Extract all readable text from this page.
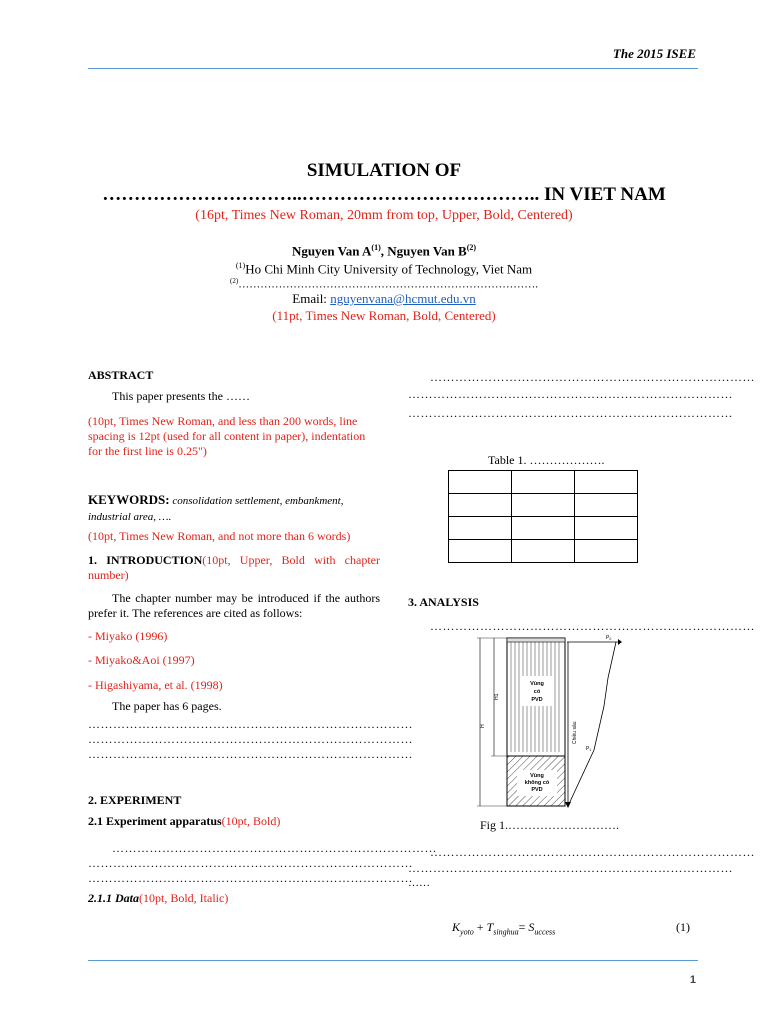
The 2015 ISEE
SIMULATION OF
…………………………..……………………………….. IN VIET NAM
(16pt, Times New Roman, 20mm from top, Upper, Bold, Centered)
Nguyen Van $A^{(1)}$, Nguyen Van $B^{(2)}$
$^{(1)}$Ho Chi Minh City University of Technology, Viet Nam
$^{(2)}$……………………………………………………………………….
Email: nguyenvana@hcmut.edu.vn
(11pt, Times New Roman, Bold, Centered)
ABSTRACT
This paper presents the ……
(10pt, Times New Roman, and less than 200 words, line spacing is 12pt (used for all content in paper), indentation for the first line is 0.25")
KEYWORDS: consolidation settlement, embankment, industrial area, ….
(10pt, Times New Roman, and not more than 6 words)
1. INTRODUCTION(10pt, Upper, Bold with chapter number)
The chapter number may be introduced if the authors prefer it. The references are cited as follows:
- Miyako (1996)
- Miyako&Aoi (1997)
- Higashiyama, et al. (1998)
The paper has 6 pages.
……………………………………………………………………
……………………………………………………………………
……………………………………………………………………
2. EXPERIMENT
2.1 Experiment apparatus(10pt, Bold)
……………………………………………………………………
……………………………………………………………………
……………………………………………………………………
2.1.1 Data(10pt, Bold, Italic)
……………………………………………………………………
……………………………………………………………………
……………………………………………………………………
Table 1. ……………….

3. ANALYSIS
……………………………………………………………………
Vùng
có
PVD
Vùng
không có
PVD
H
H1
$P_0$
$P_1$
Chiều sâu
Fig 1.……………………….
……………………………………………………………………
……………………………………………………………………
……
$K_{yoto} + T_{singhua}= S_{uccess}$	(1)
1
